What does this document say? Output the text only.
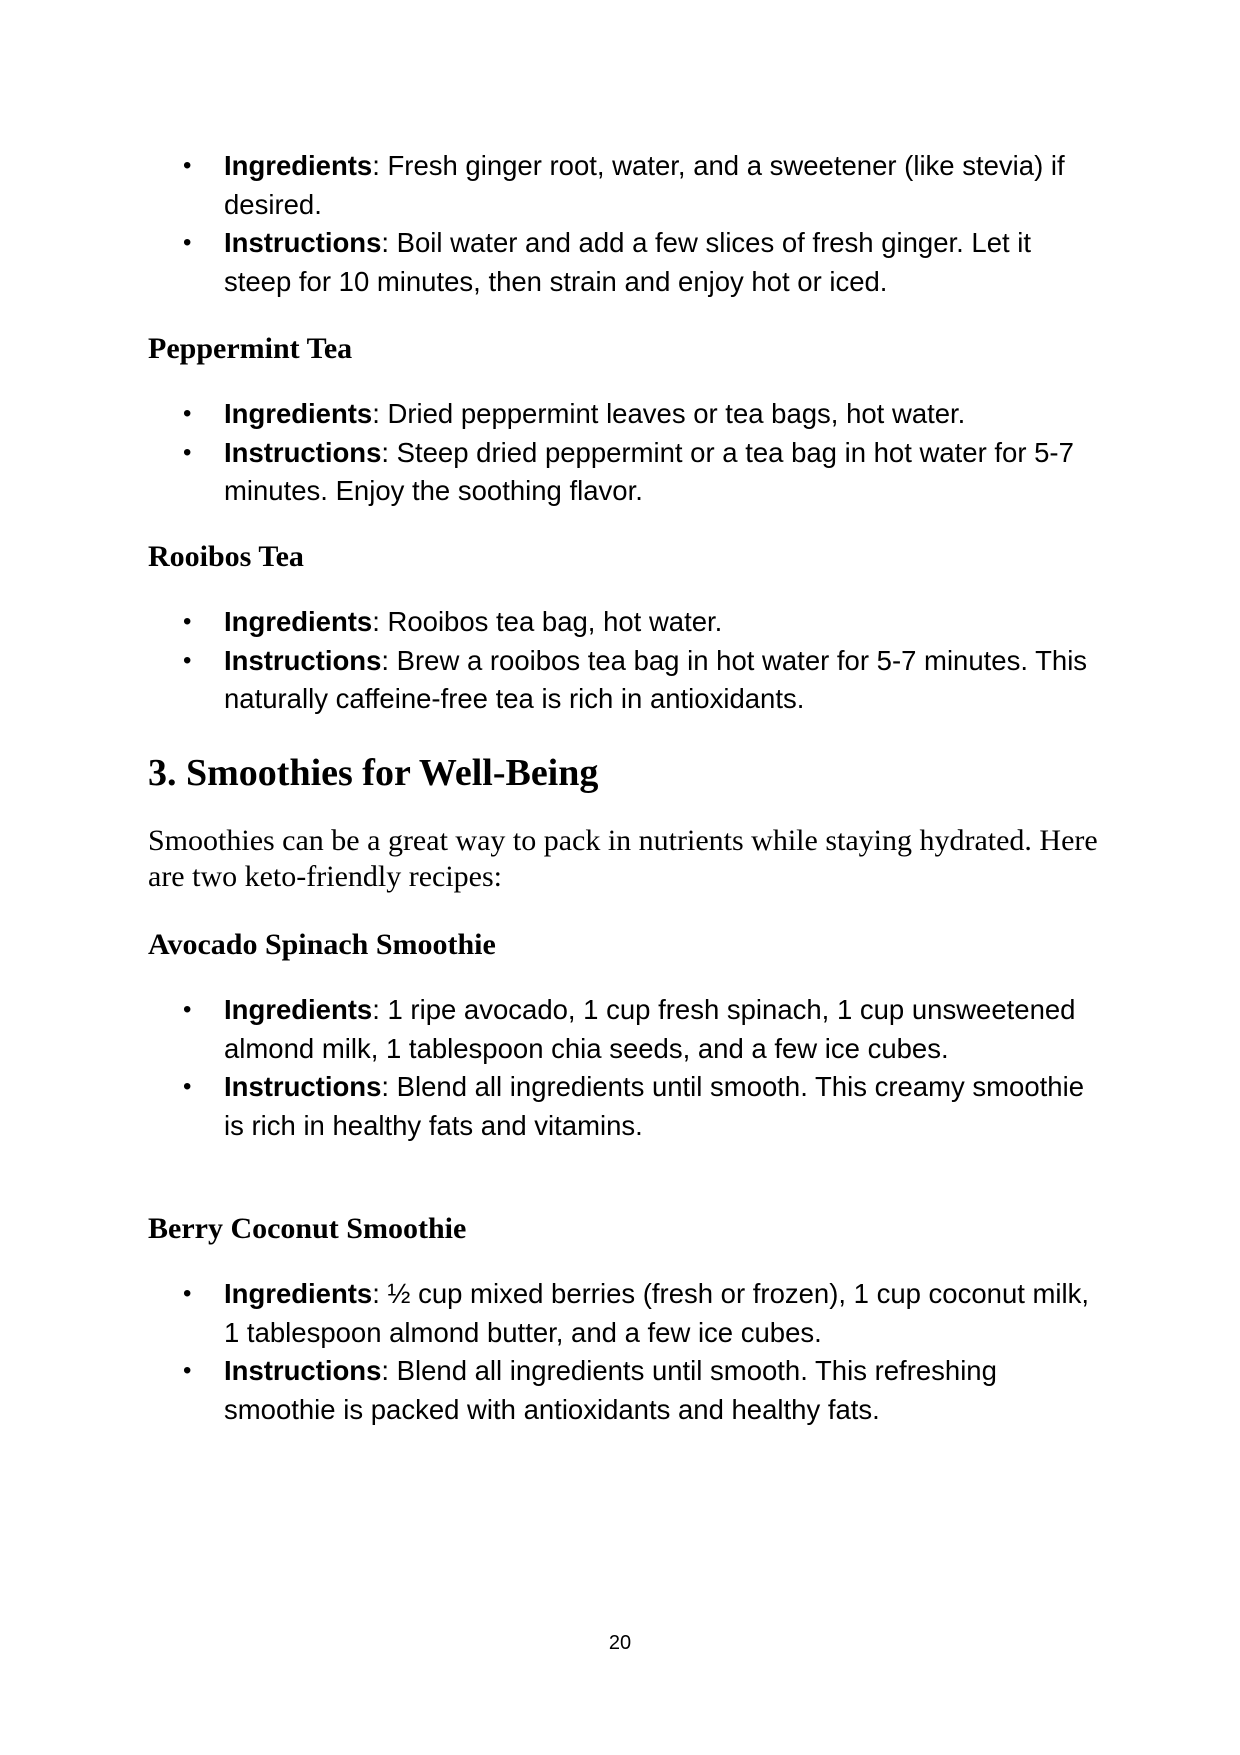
• Ingredients: Fresh ginger root, water, and a sweetener (like stevia) if desired.
• Instructions: Boil water and add a few slices of fresh ginger. Let it steep for 10 minutes, then strain and enjoy hot or iced.
Peppermint Tea
• Ingredients: Dried peppermint leaves or tea bags, hot water.
• Instructions: Steep dried peppermint or a tea bag in hot water for 5-7 minutes. Enjoy the soothing flavor.
Rooibos Tea
• Ingredients: Rooibos tea bag, hot water.
• Instructions: Brew a rooibos tea bag in hot water for 5-7 minutes. This naturally caffeine-free tea is rich in antioxidants.
3. Smoothies for Well-Being

Smoothies can be a great way to pack in nutrients while staying hydrated. Here are two keto-friendly recipes:

Avocado Spinach Smoothie
• Ingredients: 1 ripe avocado, 1 cup fresh spinach, 1 cup unsweetened almond milk, 1 tablespoon chia seeds, and a few ice cubes.
• Instructions: Blend all ingredients until smooth. This creamy smoothie is rich in healthy fats and vitamins.
Berry Coconut Smoothie
• Ingredients: ½ cup mixed berries (fresh or frozen), 1 cup coconut milk, 1 tablespoon almond butter, and a few ice cubes.
• Instructions: Blend all ingredients until smooth. This refreshing smoothie is packed with antioxidants and healthy fats.
20
